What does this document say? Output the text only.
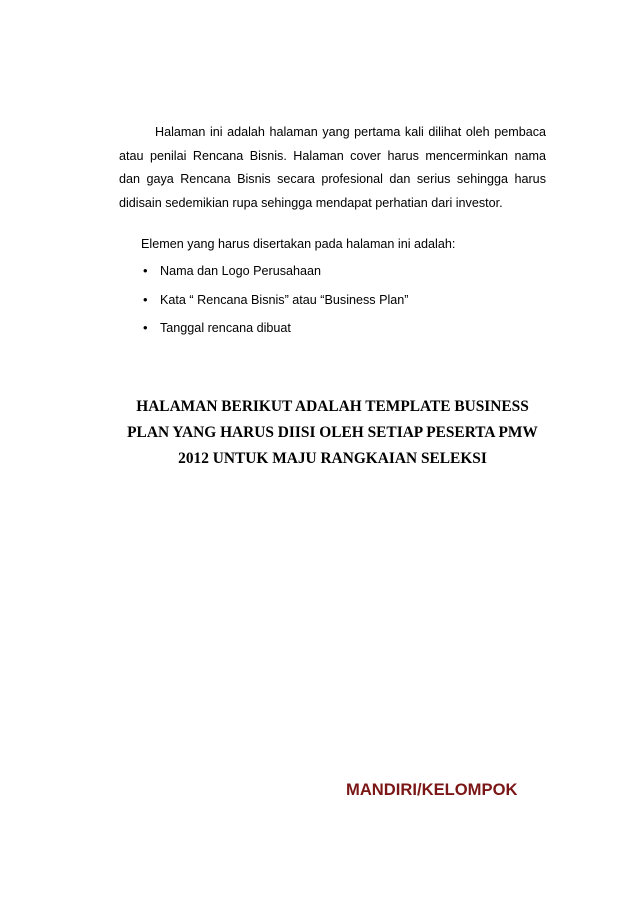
Halaman ini adalah halaman yang pertama kali dilihat oleh pembaca atau penilai Rencana Bisnis. Halaman cover harus mencerminkan nama dan gaya Rencana Bisnis secara profesional dan serius sehingga harus didisain sedemikian rupa sehingga mendapat perhatian dari investor.

Elemen yang harus disertakan pada halaman ini adalah:

• Nama dan Logo Perusahaan
• Kata “ Rencana Bisnis” atau “Business Plan”
• Tanggal rencana dibuat

HALAMAN BERIKUT ADALAH TEMPLATE BUSINESS
PLAN YANG HARUS DIISI OLEH SETIAP PESERTA PMW
2012 UNTUK MAJU RANGKAIAN SELEKSI

MANDIRI/KELOMPOK
